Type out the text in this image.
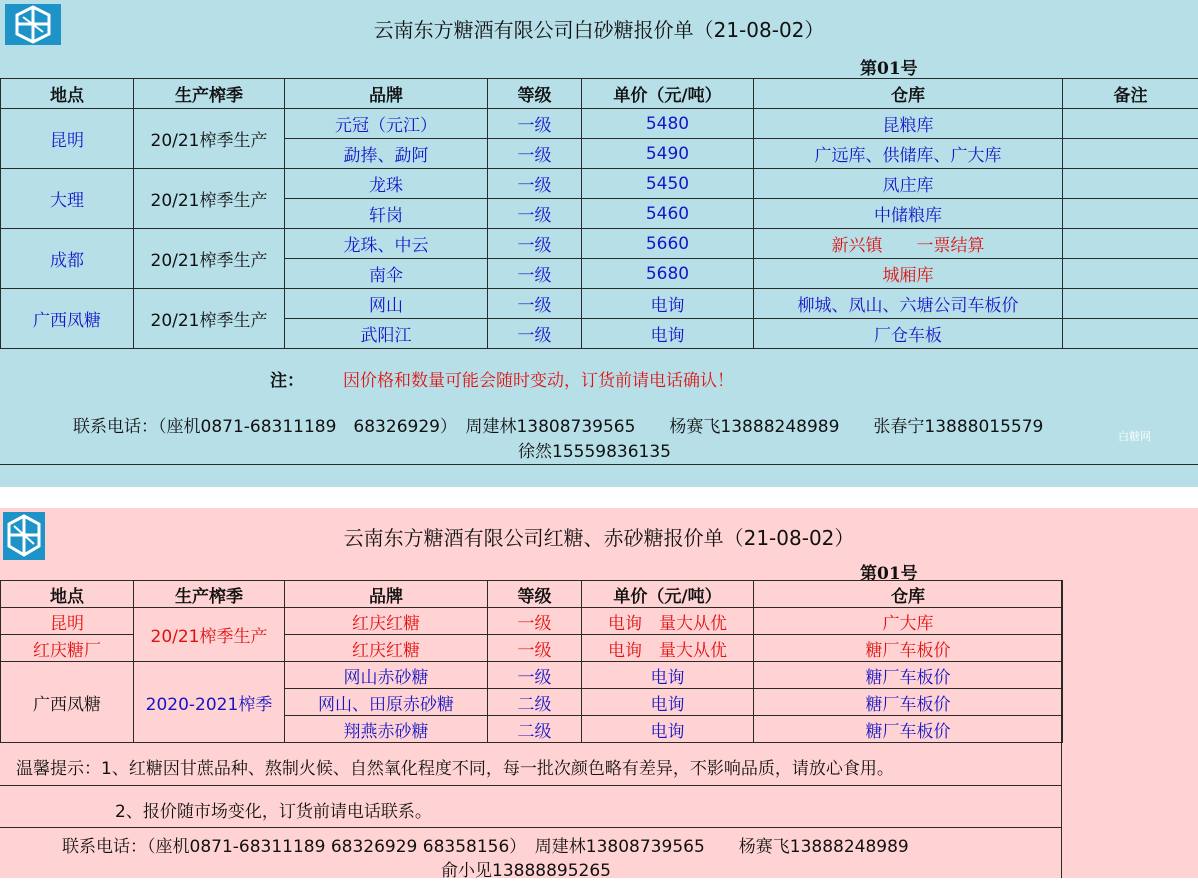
云南东方糖酒有限公司白砂糖报价单（21-08-02）
第01号
地点	生产榨季	品牌	等级	单价（元/吨）	仓库	备注
昆明	20/21榨季生产	元冠（元江）	一级	5480	昆粮库	
		勐捧、勐阿	一级	5490	广远库、供储库、广大库	
大理	20/21榨季生产	龙珠	一级	5450	凤庄库	
		轩岗	一级	5460	中储粮库	
成都	20/21榨季生产	龙珠、中云	一级	5660	新兴镇　　一票结算	
		南伞	一级	5680	城厢库	
广西凤糖	20/21榨季生产	网山	一级	电询	柳城、凤山、六塘公司车板价	
		武阳江	一级	电询	厂仓车板	
注： 因价格和数量可能会随时变动，订货前请电话确认！
联系电话：（座机0871-68311189　68326929）　周建林13808739565　　杨赛飞13888248989　　张春宁13888015579
徐然15559836135
白糖网
云南东方糖酒有限公司红糖、赤砂糖报价单（21-08-02）
第01号
地点	生产榨季	品牌	等级	单价（元/吨）	仓库
昆明	20/21榨季生产	红庆红糖	一级	电询　量大从优	广大库
红庆糖厂		红庆红糖	一级	电询　量大从优	糖厂车板价
广西凤糖	2020-2021榨季	网山赤砂糖	一级	电询	糖厂车板价
		网山、田原赤砂糖	二级	电询	糖厂车板价
		翔燕赤砂糖	二级	电询	糖厂车板价
温馨提示：1、红糖因甘蔗品种、熬制火候、自然氧化程度不同，每一批次颜色略有差异，不影响品质，请放心食用。
2、报价随市场变化，订货前请电话联系。
联系电话：（座机0871-68311189 68326929 68358156）　周建林13808739565　　杨赛飞13888248989
俞小见13888895265
